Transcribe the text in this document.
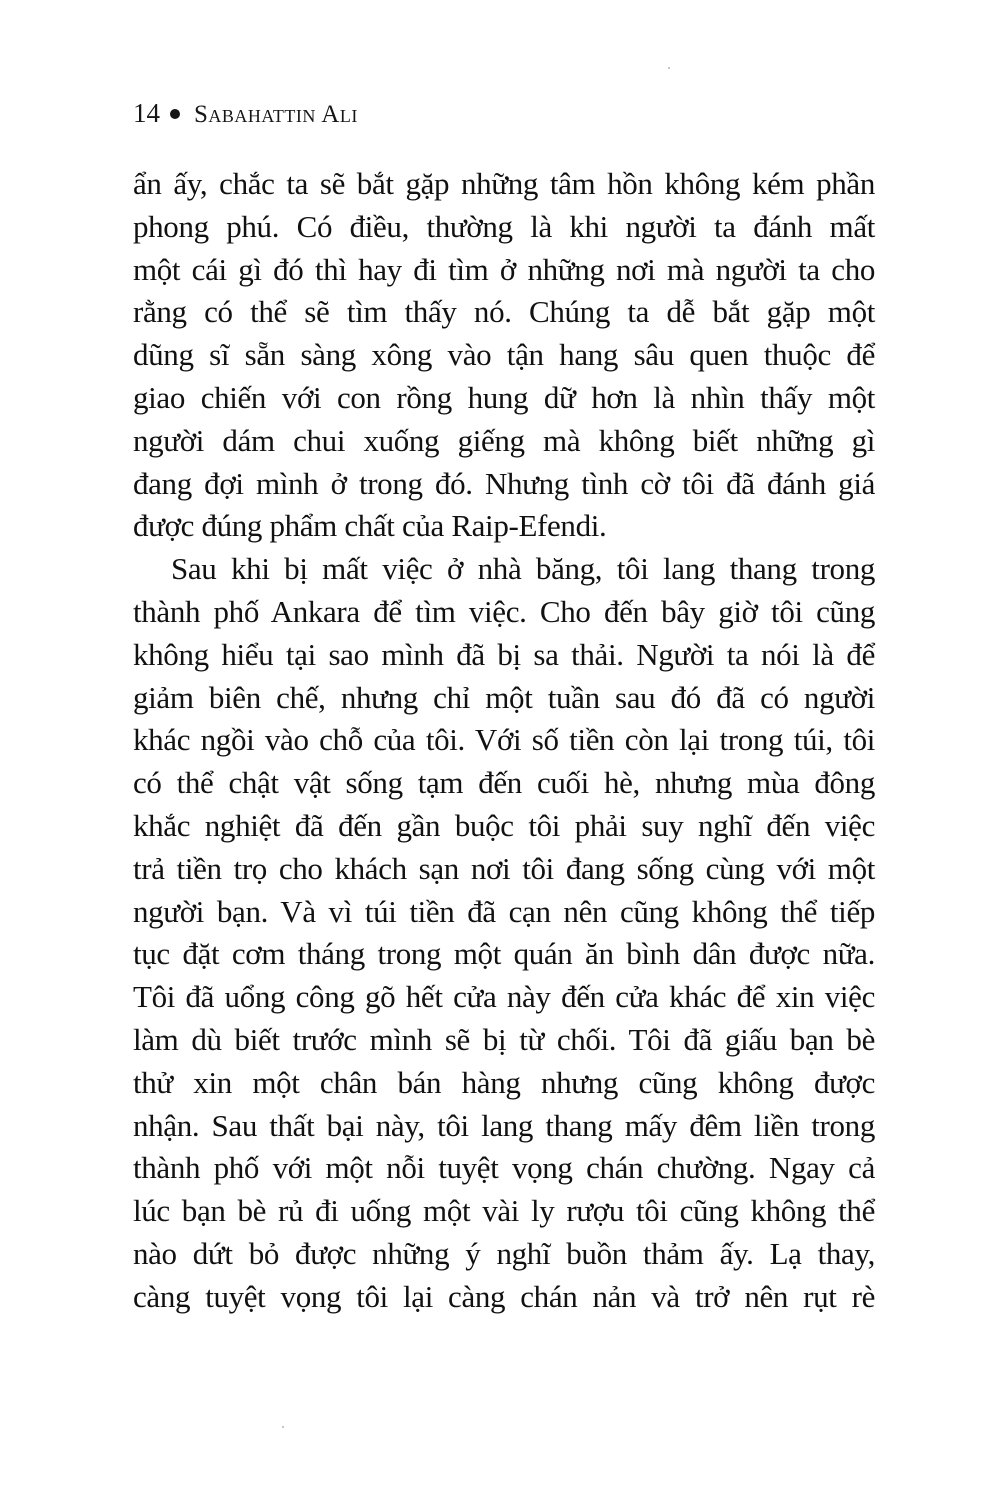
14 Sabahattin Ali
ẩn ấy, chắc ta sẽ bắt gặp những tâm hồn không kém phần
phong phú. Có điều, thường là khi người ta đánh mất
một cái gì đó thì hay đi tìm ở những nơi mà người ta cho
rằng có thể sẽ tìm thấy nó. Chúng ta dễ bắt gặp một
dũng sĩ sẵn sàng xông vào tận hang sâu quen thuộc để
giao chiến với con rồng hung dữ hơn là nhìn thấy một
người dám chui xuống giếng mà không biết những gì
đang đợi mình ở trong đó. Nhưng tình cờ tôi đã đánh giá
được đúng phẩm chất của Raip-Efendi.
Sau khi bị mất việc ở nhà băng, tôi lang thang trong
thành phố Ankara để tìm việc. Cho đến bây giờ tôi cũng
không hiểu tại sao mình đã bị sa thải. Người ta nói là để
giảm biên chế, nhưng chỉ một tuần sau đó đã có người
khác ngồi vào chỗ của tôi. Với số tiền còn lại trong túi, tôi
có thể chật vật sống tạm đến cuối hè, nhưng mùa đông
khắc nghiệt đã đến gần buộc tôi phải suy nghĩ đến việc
trả tiền trọ cho khách sạn nơi tôi đang sống cùng với một
người bạn. Và vì túi tiền đã cạn nên cũng không thể tiếp
tục đặt cơm tháng trong một quán ăn bình dân được nữa.
Tôi đã uổng công gõ hết cửa này đến cửa khác để xin việc
làm dù biết trước mình sẽ bị từ chối. Tôi đã giấu bạn bè
thử xin một chân bán hàng nhưng cũng không được
nhận. Sau thất bại này, tôi lang thang mấy đêm liền trong
thành phố với một nỗi tuyệt vọng chán chường. Ngay cả
lúc bạn bè rủ đi uống một vài ly rượu tôi cũng không thể
nào dứt bỏ được những ý nghĩ buồn thảm ấy. Lạ thay,
càng tuyệt vọng tôi lại càng chán nản và trở nên rụt rè
